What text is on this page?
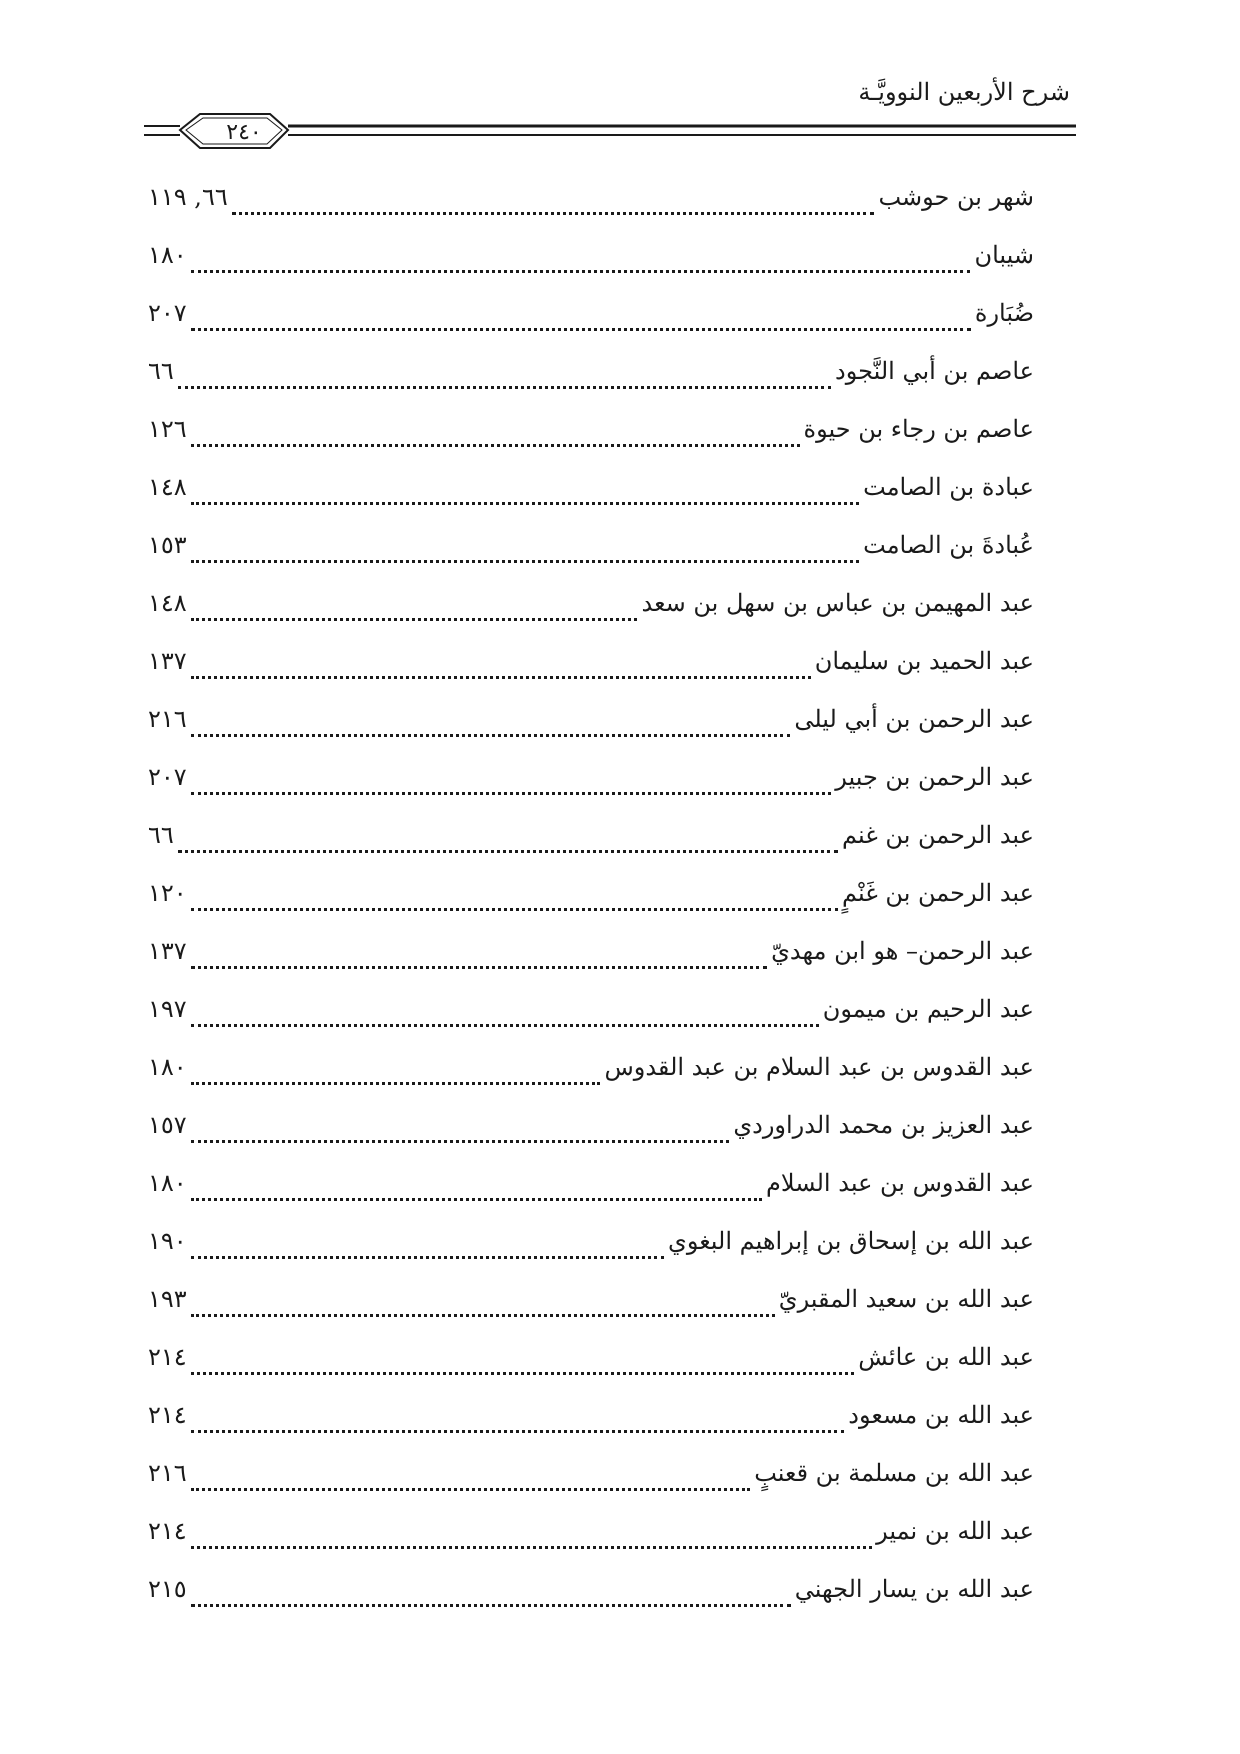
شرح الأربعين النوويَّـة
٢٤٠
شهر بن حوشب
٦٦, ١١٩
شيبان
١٨٠
ضُبَارة
٢٠٧
عاصم بن أبي النَّجود
٦٦
عاصم بن رجاء بن حيوة
١٢٦
عبادة بن الصامت
١٤٨
عُبادةَ بن الصامت
١٥٣
عبد المهيمن بن عباس بن سهل بن سعد
١٤٨
عبد الحميد بن سليمان
١٣٧
عبد الرحمن بن أبي ليلى
٢١٦
عبد الرحمن بن جبير
٢٠٧
عبد الرحمن بن غنم
٦٦
عبد الرحمن بن غَنْمٍ
١٢٠
عبد الرحمن– هو ابن مهديّ
١٣٧
عبد الرحيم بن ميمون
١٩٧
عبد القدوس بن عبد السلام بن عبد القدوس
١٨٠
عبد العزيز بن محمد الدراوردي
١٥٧
عبد القدوس بن عبد السلام
١٨٠
عبد الله بن إسحاق بن إبراهيم البغوي
١٩٠
عبد الله بن سعيد المقبريّ
١٩٣
عبد الله بن عائش
٢١٤
عبد الله بن مسعود
٢١٤
عبد الله بن مسلمة بن قعنبٍ
٢١٦
عبد الله بن نمير
٢١٤
عبد الله بن يسار الجهني
٢١٥
